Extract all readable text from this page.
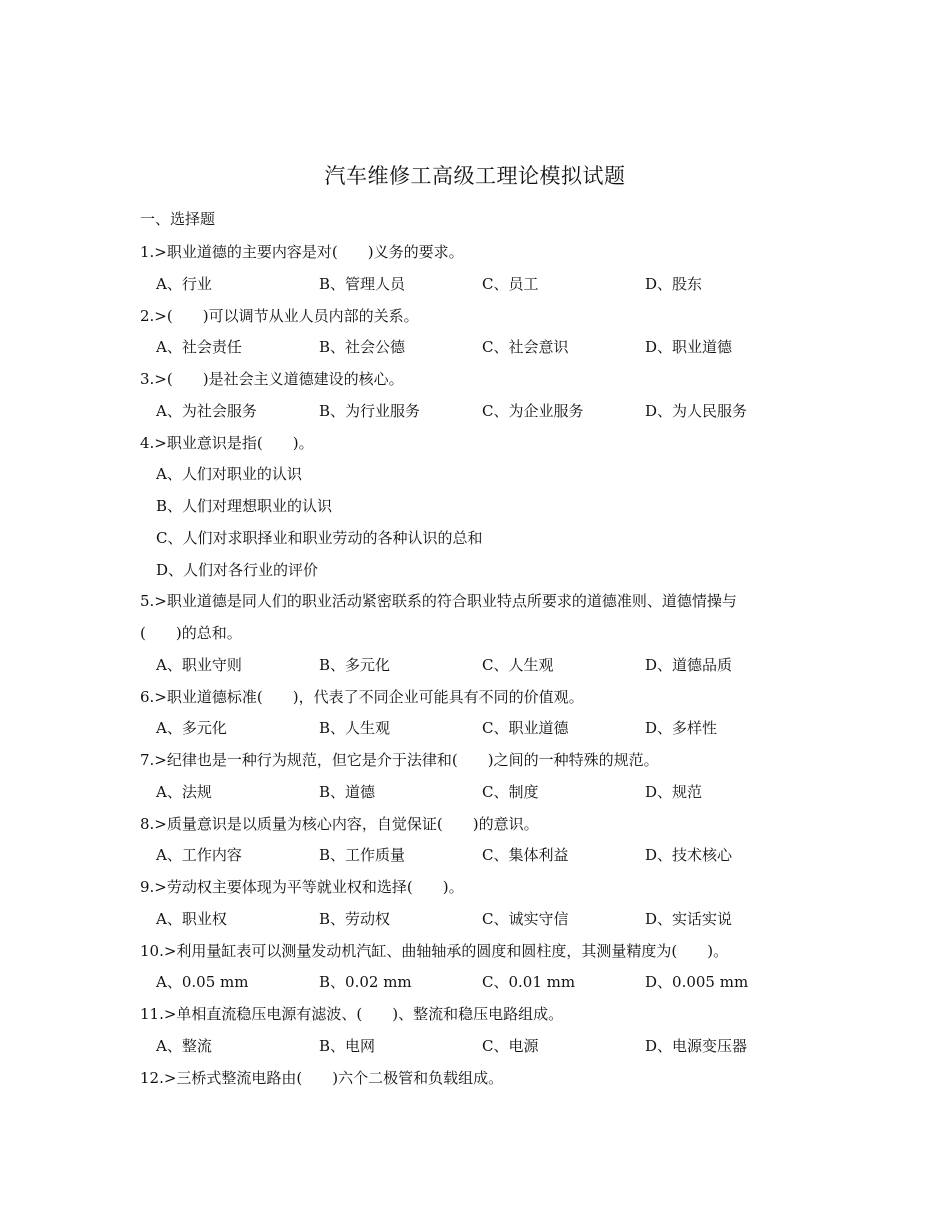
汽车维修工高级工理论模拟试题
一、选择题
1.>职业道德的主要内容是对(　　)义务的要求。
A、行业	B、管理人员	C、员工	D、股东
2.>(　　)可以调节从业人员内部的关系。
A、社会责任	B、社会公德	C、社会意识	D、职业道德
3.>(　　)是社会主义道德建设的核心。
A、为社会服务	B、为行业服务	C、为企业服务	D、为人民服务
4.>职业意识是指(　　)。
A、人们对职业的认识
B、人们对理想职业的认识
C、人们对求职择业和职业劳动的各种认识的总和
D、人们对各行业的评价
5.>职业道德是同人们的职业活动紧密联系的符合职业特点所要求的道德准则、道德情操与
(　　)的总和。
A、职业守则	B、多元化	C、人生观	D、道德品质
6.>职业道德标准(　　)，代表了不同企业可能具有不同的价值观。
A、多元化	B、人生观	C、职业道德	D、多样性
7.>纪律也是一种行为规范，但它是介于法律和(　　)之间的一种特殊的规范。
A、法规	B、道德	C、制度	D、规范
8.>质量意识是以质量为核心内容，自觉保证(　　)的意识。
A、工作内容	B、工作质量	C、集体利益	D、技术核心
9.>劳动权主要体现为平等就业权和选择(　　)。
A、职业权	B、劳动权	C、诚实守信	D、实话实说
10.>利用量缸表可以测量发动机汽缸、曲轴轴承的圆度和圆柱度，其测量精度为(　　)。
A、0.05 mm	B、0.02 mm	C、0.01 mm	D、0.005 mm
11.>单相直流稳压电源有滤波、(　　)、整流和稳压电路组成。
A、整流	B、电网	C、电源	D、电源变压器
12.>三桥式整流电路由(　　)六个二极管和负载组成。
